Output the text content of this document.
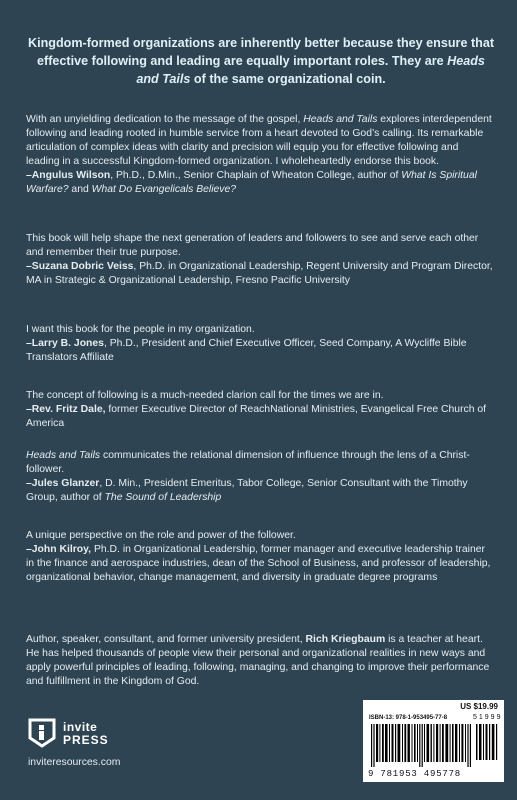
Kingdom-formed organizations are inherently better because they ensure that effective following and leading are equally important roles. They are Heads and Tails of the same organizational coin.

With an unyielding dedication to the message of the gospel, Heads and Tails explores interdependent following and leading rooted in humble service from a heart devoted to God’s calling. Its remarkable articulation of complex ideas with clarity and precision will equip you for effective following and leading in a successful Kingdom-formed organization. I wholeheartedly endorse this book.

–Angulus Wilson, Ph.D., D.Min., Senior Chaplain of Wheaton College, author of What Is Spiritual Warfare? and What Do Evangelicals Believe?

This book will help shape the next generation of leaders and followers to see and serve each other and remember their true purpose.

–Suzana Dobric Veiss, Ph.D. in Organizational Leadership, Regent University and Program Director, MA in Strategic & Organizational Leadership, Fresno Pacific University

I want this book for the people in my organization.

–Larry B. Jones, Ph.D., President and Chief Executive Officer, Seed Company, A Wycliffe Bible Translators Affiliate

The concept of following is a much-needed clarion call for the times we are in.

–Rev. Fritz Dale, former Executive Director of ReachNational Ministries, Evangelical Free Church of America

Heads and Tails communicates the relational dimension of influence through the lens of a Christ-follower.

–Jules Glanzer, D. Min., President Emeritus, Tabor College, Senior Consultant with the Timothy Group, author of The Sound of Leadership

A unique perspective on the role and power of the follower.

–John Kilroy, Ph.D. in Organizational Leadership, former manager and executive leadership trainer in the finance and aerospace industries, dean of the School of Business, and professor of leadership, organizational behavior, change management, and diversity in graduate degree programs

Author, speaker, consultant, and former university president, Rich Kriegbaum is a teacher at heart. He has helped thousands of people view their personal and organizational realities in new ways and apply powerful principles of leading, following, managing, and changing to improve their performance and fulfillment in the Kingdom of God.

invite
PRESS
inviteresources.com
US $19.99
ISBN-13: 978-1-953495-77-8	51999
9 781953 495778
